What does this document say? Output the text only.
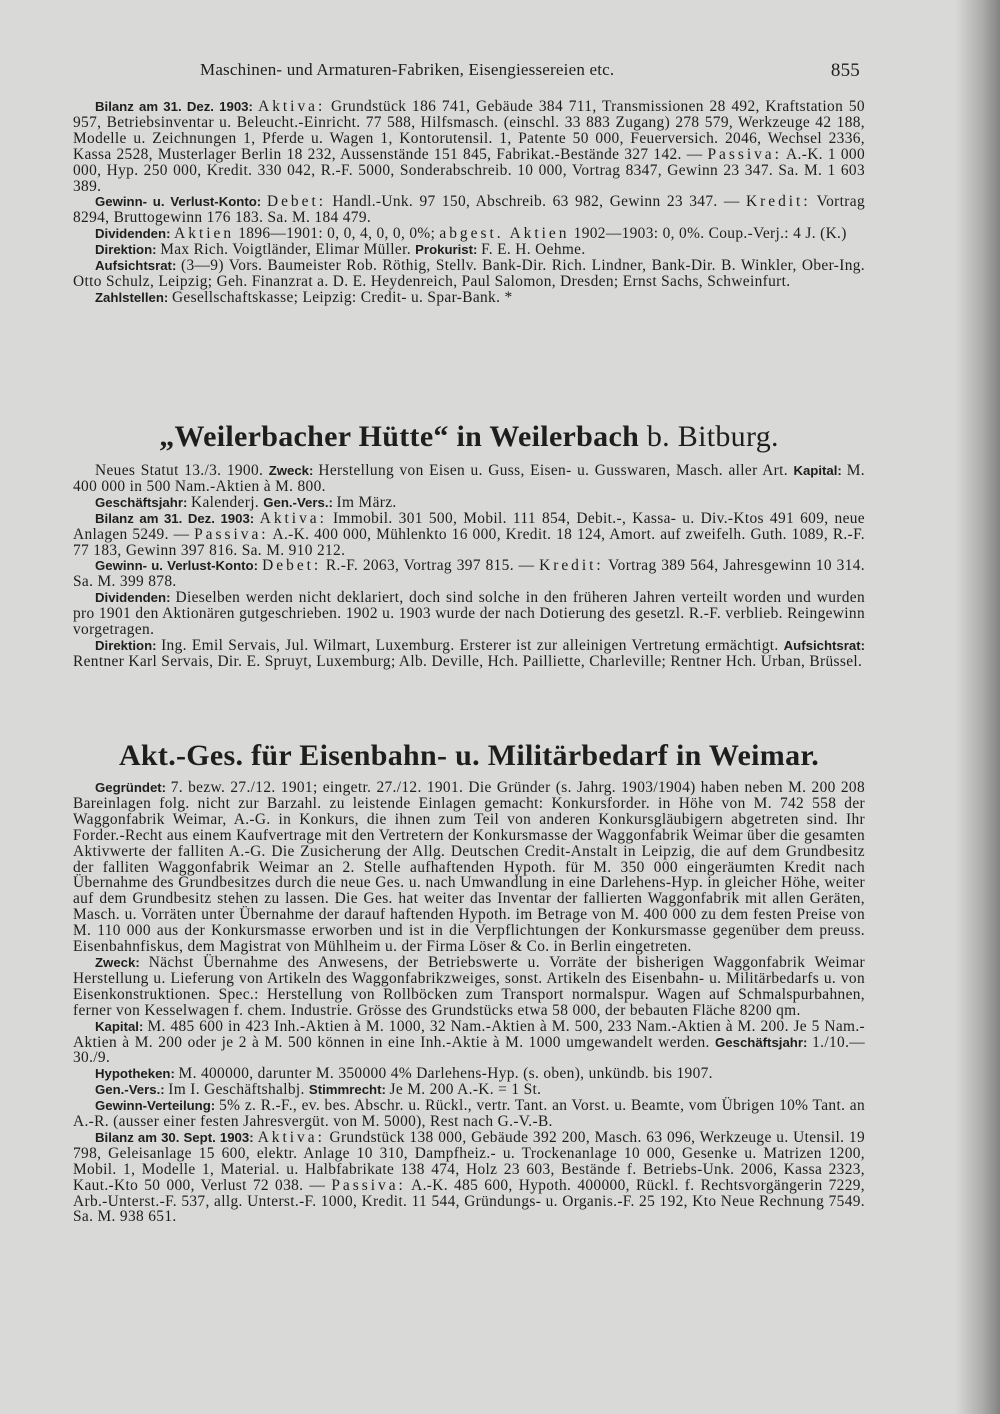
Maschinen- und Armaturen-Fabriken, Eisengiessereien etc.	855

Bilanz am 31. Dez. 1903: Aktiva: Grundstück 186 741, Gebäude 384 711, Transmissionen 28 492, Kraftstation 50 957, Betriebsinventar u. Beleucht.-Einricht. 77 588, Hilfsmasch. (einschl. 33 883 Zugang) 278 579, Werkzeuge 42 188, Modelle u. Zeichnungen 1, Pferde u. Wagen 1, Kontorutensil. 1, Patente 50 000, Feuerversich. 2046, Wechsel 2336, Kassa 2528, Musterlager Berlin 18 232, Aussenstände 151 845, Fabrikat.-Bestände 327 142. — Passiva: A.-K. 1 000 000, Hyp. 250 000, Kredit. 330 042, R.-F. 5000, Sonderabschreib. 10 000, Vortrag 8347, Gewinn 23 347. Sa. M. 1 603 389.

Gewinn- u. Verlust-Konto: Debet: Handl.-Unk. 97 150, Abschreib. 63 982, Gewinn 23 347. — Kredit: Vortrag 8294, Bruttogewinn 176 183. Sa. M. 184 479.

Dividenden: Aktien 1896—1901: 0, 0, 4, 0, 0, 0%; abgest. Aktien 1902—1903: 0, 0%. Coup.-Verj.: 4 J. (K.)

Direktion: Max Rich. Voigtländer, Elimar Müller. Prokurist: F. E. H. Oehme.

Aufsichtsrat: (3—9) Vors. Baumeister Rob. Röthig, Stellv. Bank-Dir. Rich. Lindner, Bank-Dir. B. Winkler, Ober-Ing. Otto Schulz, Leipzig; Geh. Finanzrat a. D. E. Heydenreich, Paul Salomon, Dresden; Ernst Sachs, Schweinfurt.

Zahlstellen: Gesellschaftskasse; Leipzig: Credit- u. Spar-Bank. *

„Weilerbacher Hütte“ in Weilerbach b. Bitburg.

Neues Statut 13./3. 1900. Zweck: Herstellung von Eisen u. Guss, Eisen- u. Gusswaren, Masch. aller Art. Kapital: M. 400 000 in 500 Nam.-Aktien à M. 800.

Geschäftsjahr: Kalenderj. Gen.-Vers.: Im März.

Bilanz am 31. Dez. 1903: Aktiva: Immobil. 301 500, Mobil. 111 854, Debit.-, Kassa- u. Div.-Ktos 491 609, neue Anlagen 5249. — Passiva: A.-K. 400 000, Mühlenkto 16 000, Kredit. 18 124, Amort. auf zweifelh. Guth. 1089, R.-F. 77 183, Gewinn 397 816. Sa. M. 910 212.

Gewinn- u. Verlust-Konto: Debet: R.-F. 2063, Vortrag 397 815. — Kredit: Vortrag 389 564, Jahresgewinn 10 314. Sa. M. 399 878.

Dividenden: Dieselben werden nicht deklariert, doch sind solche in den früheren Jahren verteilt worden und wurden pro 1901 den Aktionären gutgeschrieben. 1902 u. 1903 wurde der nach Dotierung des gesetzl. R.-F. verblieb. Reingewinn vorgetragen.

Direktion: Ing. Emil Servais, Jul. Wilmart, Luxemburg. Ersterer ist zur alleinigen Vertretung ermächtigt. Aufsichtsrat: Rentner Karl Servais, Dir. E. Spruyt, Luxemburg; Alb. Deville, Hch. Pailliette, Charleville; Rentner Hch. Urban, Brüssel.

Akt.-Ges. für Eisenbahn- u. Militärbedarf in Weimar.

Gegründet: 7. bezw. 27./12. 1901; eingetr. 27./12. 1901. Die Gründer (s. Jahrg. 1903/1904) haben neben M. 200 208 Bareinlagen folg. nicht zur Barzahl. zu leistende Einlagen gemacht: Konkursforder. in Höhe von M. 742 558 der Waggonfabrik Weimar, A.-G. in Konkurs, die ihnen zum Teil von anderen Konkursgläubigern abgetreten sind. Ihr Forder.-Recht aus einem Kaufvertrage mit den Vertretern der Konkursmasse der Waggonfabrik Weimar über die gesamten Aktivwerte der falliten A.-G. Die Zusicherung der Allg. Deutschen Credit-Anstalt in Leipzig, die auf dem Grundbesitz der falliten Waggonfabrik Weimar an 2. Stelle aufhaftenden Hypoth. für M. 350 000 eingeräumten Kredit nach Übernahme des Grundbesitzes durch die neue Ges. u. nach Umwandlung in eine Darlehens-Hyp. in gleicher Höhe, weiter auf dem Grundbesitz stehen zu lassen. Die Ges. hat weiter das Inventar der fallierten Waggonfabrik mit allen Geräten, Masch. u. Vorräten unter Übernahme der darauf haftenden Hypoth. im Betrage von M. 400 000 zu dem festen Preise von M. 110 000 aus der Konkursmasse erworben und ist in die Verpflichtungen der Konkursmasse gegenüber dem preuss. Eisenbahnfiskus, dem Magistrat von Mühlheim u. der Firma Löser & Co. in Berlin eingetreten.

Zweck: Nächst Übernahme des Anwesens, der Betriebswerte u. Vorräte der bisherigen Waggonfabrik Weimar Herstellung u. Lieferung von Artikeln des Waggonfabrikzweiges, sonst. Artikeln des Eisenbahn- u. Militärbedarfs u. von Eisenkonstruktionen. Spec.: Herstellung von Rollböcken zum Transport normalspur. Wagen auf Schmalspurbahnen, ferner von Kesselwagen f. chem. Industrie. Grösse des Grundstücks etwa 58 000, der bebauten Fläche 8200 qm.

Kapital: M. 485 600 in 423 Inh.-Aktien à M. 1000, 32 Nam.-Aktien à M. 500, 233 Nam.-Aktien à M. 200. Je 5 Nam.-Aktien à M. 200 oder je 2 à M. 500 können in eine Inh.-Aktie à M. 1000 umgewandelt werden. Geschäftsjahr: 1./10.—30./9.

Hypotheken: M. 400000, darunter M. 350000 4% Darlehens-Hyp. (s. oben), unkündb. bis 1907.

Gen.-Vers.: Im I. Geschäftshalbj. Stimmrecht: Je M. 200 A.-K. = 1 St.

Gewinn-Verteilung: 5% z. R.-F., ev. bes. Abschr. u. Rückl., vertr. Tant. an Vorst. u. Beamte, vom Übrigen 10% Tant. an A.-R. (ausser einer festen Jahresvergüt. von M. 5000), Rest nach G.-V.-B.

Bilanz am 30. Sept. 1903: Aktiva: Grundstück 138 000, Gebäude 392 200, Masch. 63 096, Werkzeuge u. Utensil. 19 798, Geleisanlage 15 600, elektr. Anlage 10 310, Dampfheiz.- u. Trockenanlage 10 000, Gesenke u. Matrizen 1200, Mobil. 1, Modelle 1, Material. u. Halbfabrikate 138 474, Holz 23 603, Bestände f. Betriebs-Unk. 2006, Kassa 2323, Kaut.-Kto 50 000, Verlust 72 038. — Passiva: A.-K. 485 600, Hypoth. 400000, Rückl. f. Rechtsvorgängerin 7229, Arb.-Unterst.-F. 537, allg. Unterst.-F. 1000, Kredit. 11 544, Gründungs- u. Organis.-F. 25 192, Kto Neue Rechnung 7549. Sa. M. 938 651.
